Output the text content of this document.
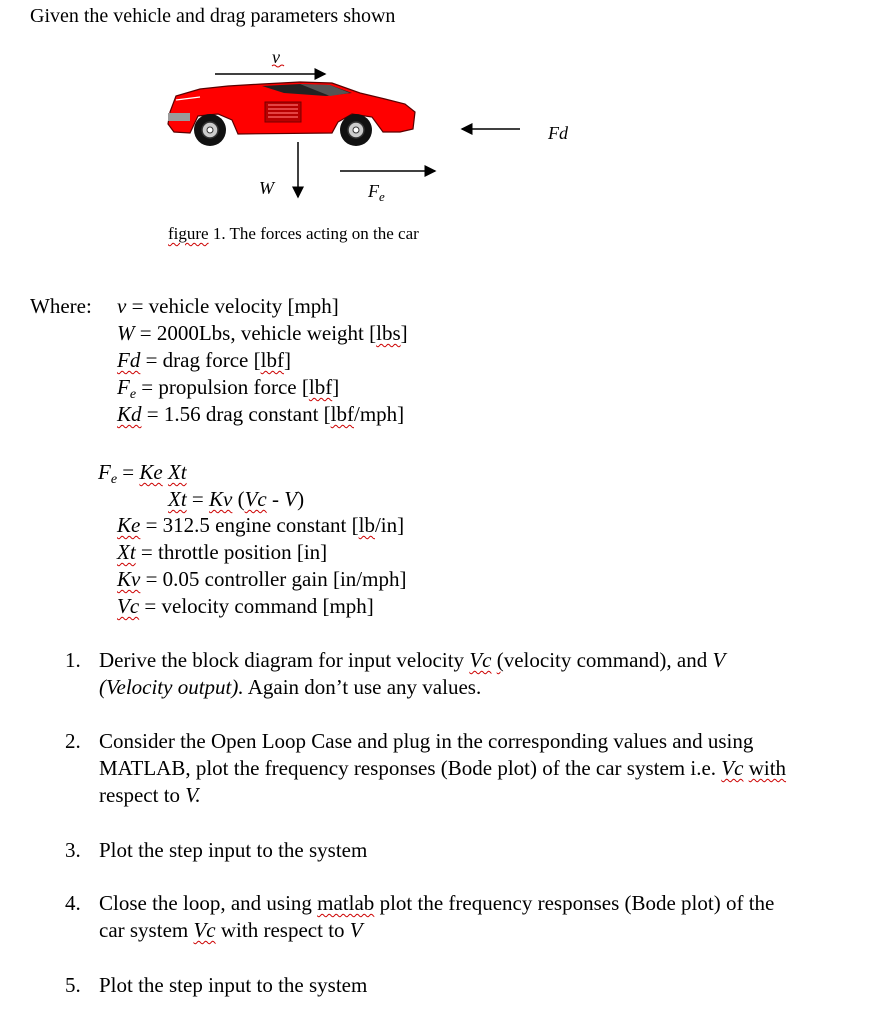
Given the vehicle and drag parameters shown
v
Fd
W	$F_e$
figure 1. The forces acting on the car
Where: v = vehicle velocity [mph]
W = 2000Lbs, vehicle weight [lbs]
Fd = drag force [lbf]
$F_e$ = propulsion force [lbf]
Kd = 1.56 drag constant [lbf/mph]
$F_e = Ke$ Xt
Xt = Kv (Vc - V)
Ke = 312.5 engine constant [lb/in]
Xt = throttle position [in]
Kv = 0.05 controller gain [in/mph]
Vc = velocity command [mph]
1. Derive the block diagram for input velocity Vc (velocity command), and V
(Velocity output). Again don’t use any values.
2. Consider the Open Loop Case and plug in the corresponding values and using
MATLAB, plot the frequency responses (Bode plot) of the car system i.e. Vc with
respect to V.
3. Plot the step input to the system
4. Close the loop, and using matlab plot the frequency responses (Bode plot) of the
car system Vc with respect to V
5. Plot the step input to the system
